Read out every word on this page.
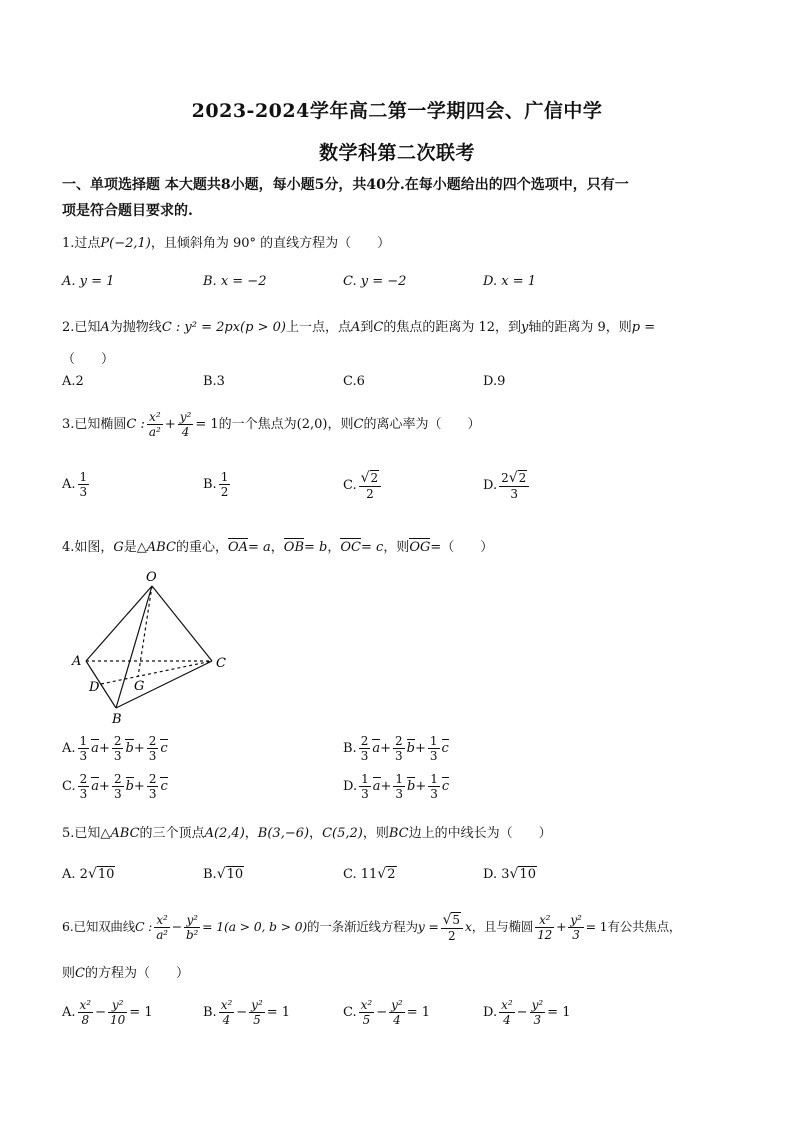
2023-2024学年高二第一学期四会、广信中学
数学科第二次联考
一、单项选择题 本大题共8小题，每小题5分，共40分.在每小题给出的四个选项中，只有一
项是符合题目要求的.
1.过点P(−2,1)，且倾斜角为 90° 的直线方程为（　　）
A. y = 1	B. x = −2	C. y = −2	D. x = 1
2.已知A为抛物线C : y² = 2px(p > 0)上一点，点A到C的焦点的距离为 12，到y轴的距离为 9，则p =
（　　）
A.2	B.3	C.6	D.9
3.已知椭圆C : $\frac{\text{x²}}{\text{a²}} + \frac{\text{y²}}{4} = 1$的一个焦点为(2,0)，则C的离心率为（　　）
A. $\frac{1}{3}$	B. $\frac{1}{2}$	C. $\frac{√2}{2}$	D. $\frac{2√2}{3}$
4.如图，G是△ABC的重心，OA= a，OB= b，OC= c，则OG=（　　）
O
A	C
D	G
B
A. $\frac{1}{3} a+ \frac{2}{3} b+ \frac{2}{3}$ c	B. $\frac{2}{3} a+ \frac{2}{3} b+ \frac{1}{3}$ c
C. $\frac{2}{3} a+ \frac{2}{3} b+ \frac{2}{3}$ c	D. $\frac{1}{3} a+ \frac{1}{3} b+ \frac{1}{3}$ c
5.已知△ABC的三个顶点A(2,4)，B(3,−6)，C(5,2)，则BC边上的中线长为（　　）
A. 2√10	B.√10	C. 11√2	D. 3√10
6.已知双曲线C : $\frac{\text{x²}}{\text{a²}} - \frac{\text{y²}}{\text{b²}} = 1(a > 0$, b > 0)的一条渐近线方程为$y = \frac{√5}{2}$ x，且与椭圆 $\frac{\text{x²}}{12} + \frac{\text{y²}}{3} = 1$有公共焦点，
则C的方程为（　　）
A. $\frac{\text{x²}}{8} - \frac{\text{y²}}{10} = 1$	B. $\frac{\text{x²}}{4} - \frac{\text{y²}}{5} = 1$	C. $\frac{\text{x²}}{5} - \frac{\text{y²}}{4} = 1$	D. $\frac{\text{x²}}{4} - \frac{\text{y²}}{3} = 1$
